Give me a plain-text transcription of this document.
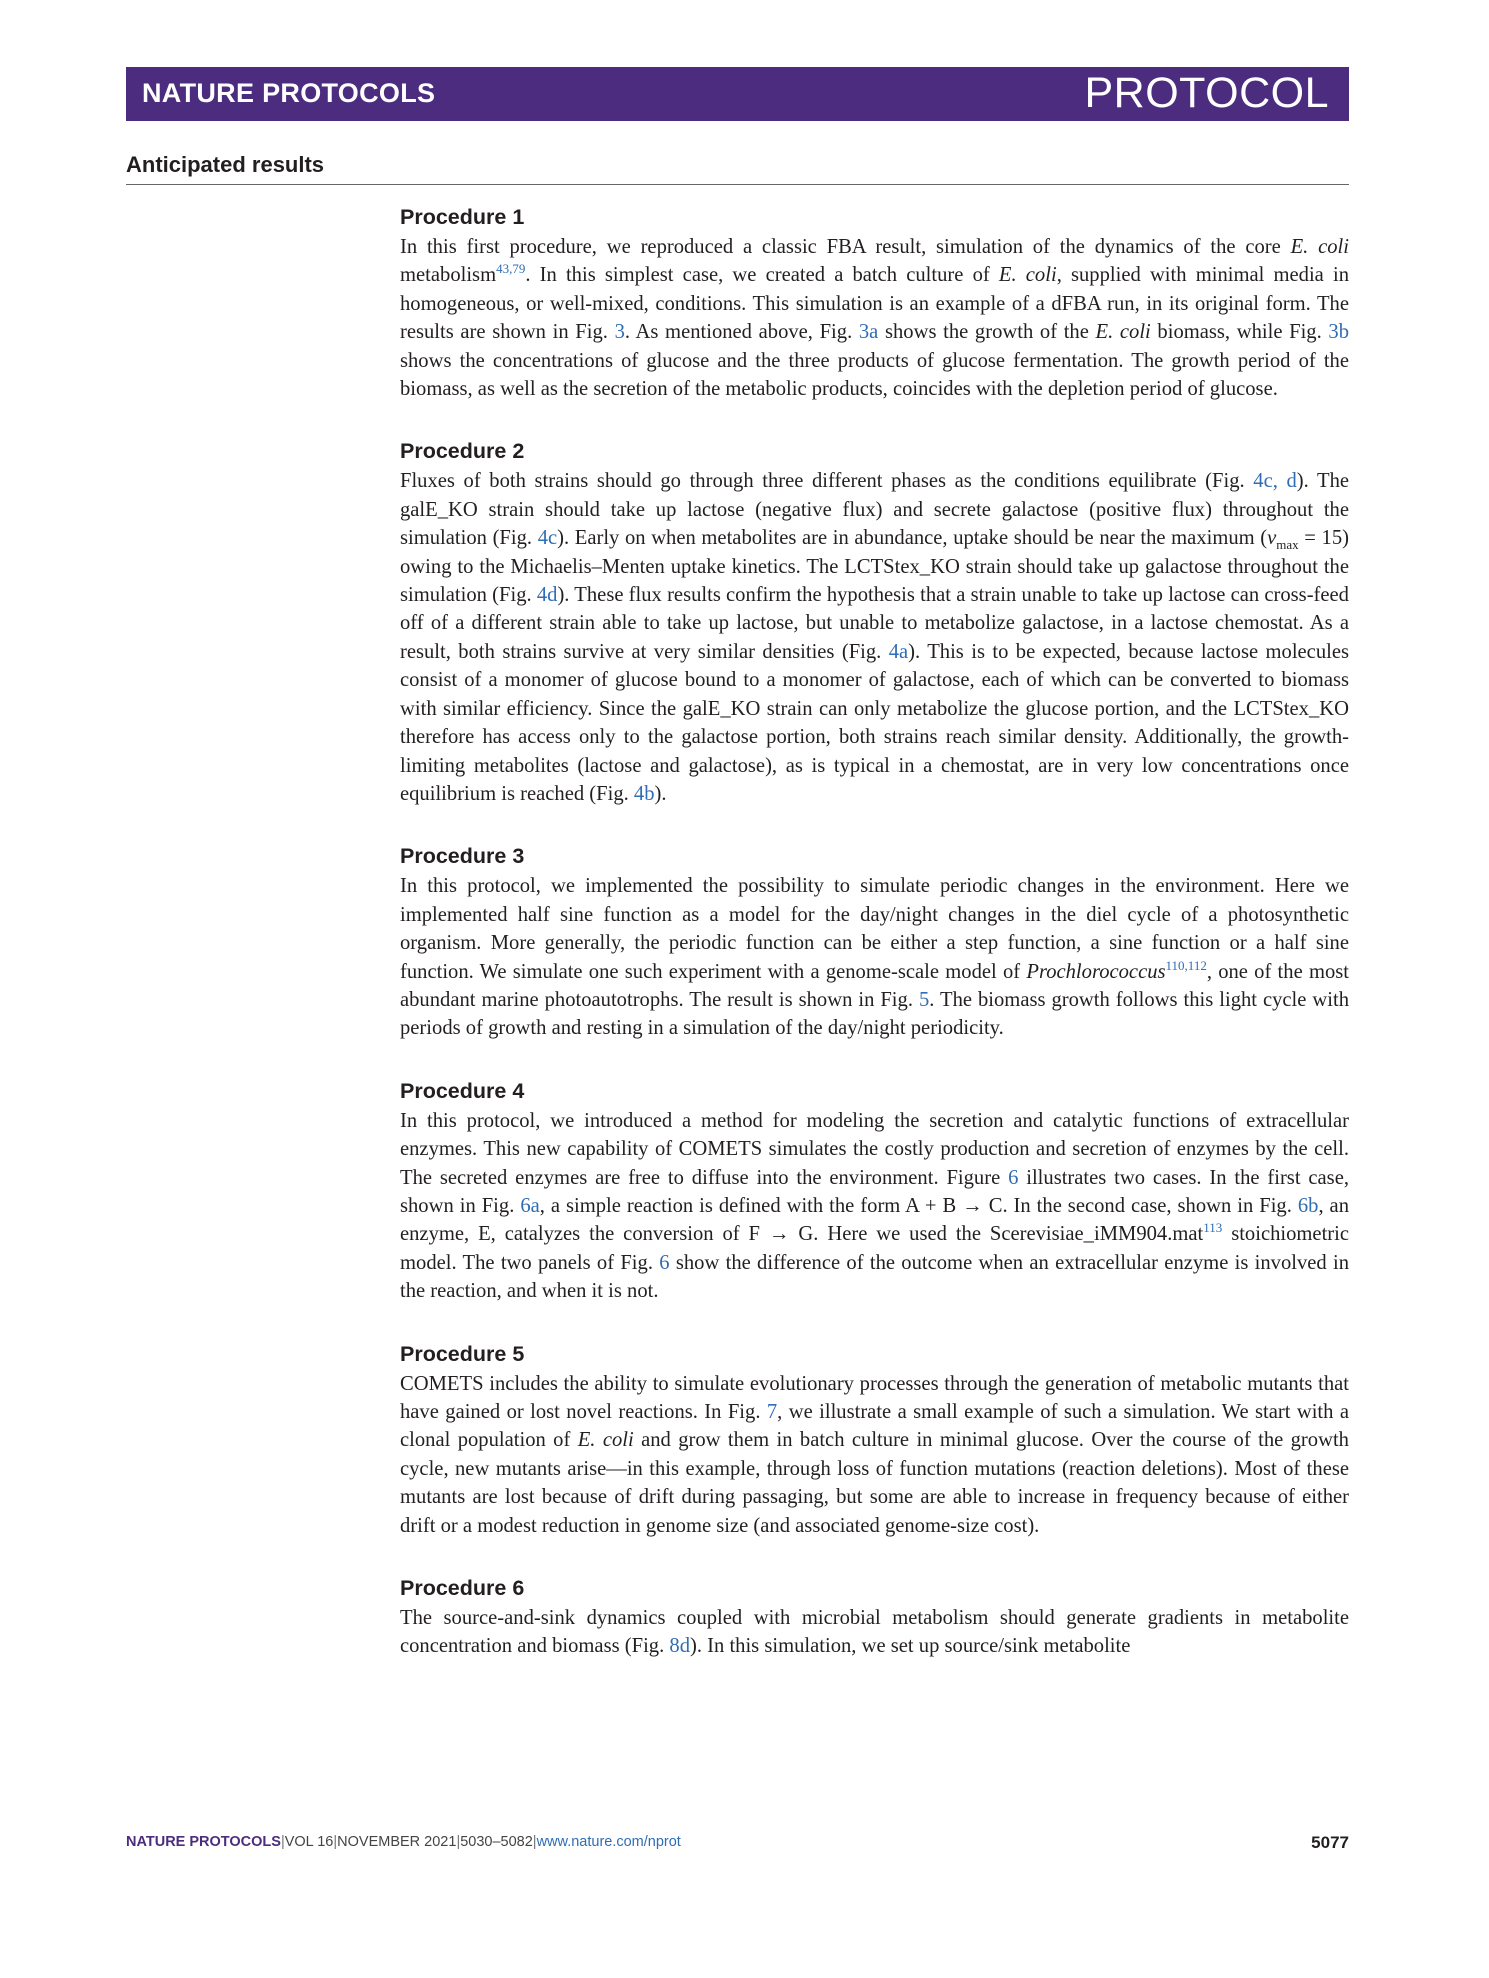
NATURE PROTOCOLS	PROTOCOL
Anticipated results
Procedure 1

In this first procedure, we reproduced a classic FBA result, simulation of the dynamics of the core E. coli metabolism$^{43,79}$. In this simplest case, we created a batch culture of E. coli, supplied with minimal media in homogeneous, or well-mixed, conditions. This simulation is an example of a dFBA run, in its original form. The results are shown in Fig. 3. As mentioned above, Fig. 3a shows the growth of the E. coli biomass, while Fig. 3b shows the concentrations of glucose and the three products of glucose fermentation. The growth period of the biomass, as well as the secretion of the metabolic products, coincides with the depletion period of glucose.

Procedure 2

Fluxes of both strains should go through three different phases as the conditions equilibrate (Fig. 4c, d). The galE_KO strain should take up lactose (negative flux) and secrete galactose (positive flux) throughout the simulation (Fig. 4c). Early on when metabolites are in abundance, uptake should be near the maximum $(v_{max} = 15)$ owing to the Michaelis–Menten uptake kinetics. The LCTStex_KO strain should take up galactose throughout the simulation (Fig. 4d). These flux results confirm the hypothesis that a strain unable to take up lactose can cross-feed off of a different strain able to take up lactose, but unable to metabolize galactose, in a lactose chemostat. As a result, both strains survive at very similar densities (Fig. 4a). This is to be expected, because lactose molecules consist of a monomer of glucose bound to a monomer of galactose, each of which can be converted to biomass with similar efficiency. Since the galE_KO strain can only metabolize the glucose portion, and the LCTStex_KO therefore has access only to the galactose portion, both strains reach similar density. Additionally, the growth-limiting metabolites (lactose and galactose), as is typical in a chemostat, are in very low concentrations once equilibrium is reached (Fig. 4b).

Procedure 3

In this protocol, we implemented the possibility to simulate periodic changes in the environment. Here we implemented half sine function as a model for the day/night changes in the diel cycle of a photosynthetic organism. More generally, the periodic function can be either a step function, a sine function or a half sine function. We simulate one such experiment with a genome-scale model of Prochlorococcus$^{110,112}$, one of the most abundant marine photoautotrophs. The result is shown in Fig. 5. The biomass growth follows this light cycle with periods of growth and resting in a simulation of the day/night periodicity.

Procedure 4

In this protocol, we introduced a method for modeling the secretion and catalytic functions of extracellular enzymes. This new capability of COMETS simulates the costly production and secretion of enzymes by the cell. The secreted enzymes are free to diffuse into the environment. Figure 6 illustrates two cases. In the first case, shown in Fig. 6a, a simple reaction is defined with the form A + B → C. In the second case, shown in Fig. 6b, an enzyme, E, catalyzes the conversion of F → G. Here we used the Scerevisiae_iMM904.mat$^{113}$ stoichiometric model. The two panels of Fig. 6 show the difference of the outcome when an extracellular enzyme is involved in the reaction, and when it is not.

Procedure 5

COMETS includes the ability to simulate evolutionary processes through the generation of metabolic mutants that have gained or lost novel reactions. In Fig. 7, we illustrate a small example of such a simulation. We start with a clonal population of E. coli and grow them in batch culture in minimal glucose. Over the course of the growth cycle, new mutants arise—in this example, through loss of function mutations (reaction deletions). Most of these mutants are lost because of drift during passaging, but some are able to increase in frequency because of either drift or a modest reduction in genome size (and associated genome-size cost).

Procedure 6

The source-and-sink dynamics coupled with microbial metabolism should generate gradients in metabolite concentration and biomass (Fig. 8d). In this simulation, we set up source/sink metabolite

NATURE PROTOCOLS|VOL 16|NOVEMBER 2021|5030–5082|www.nature.com/nprot	5077
